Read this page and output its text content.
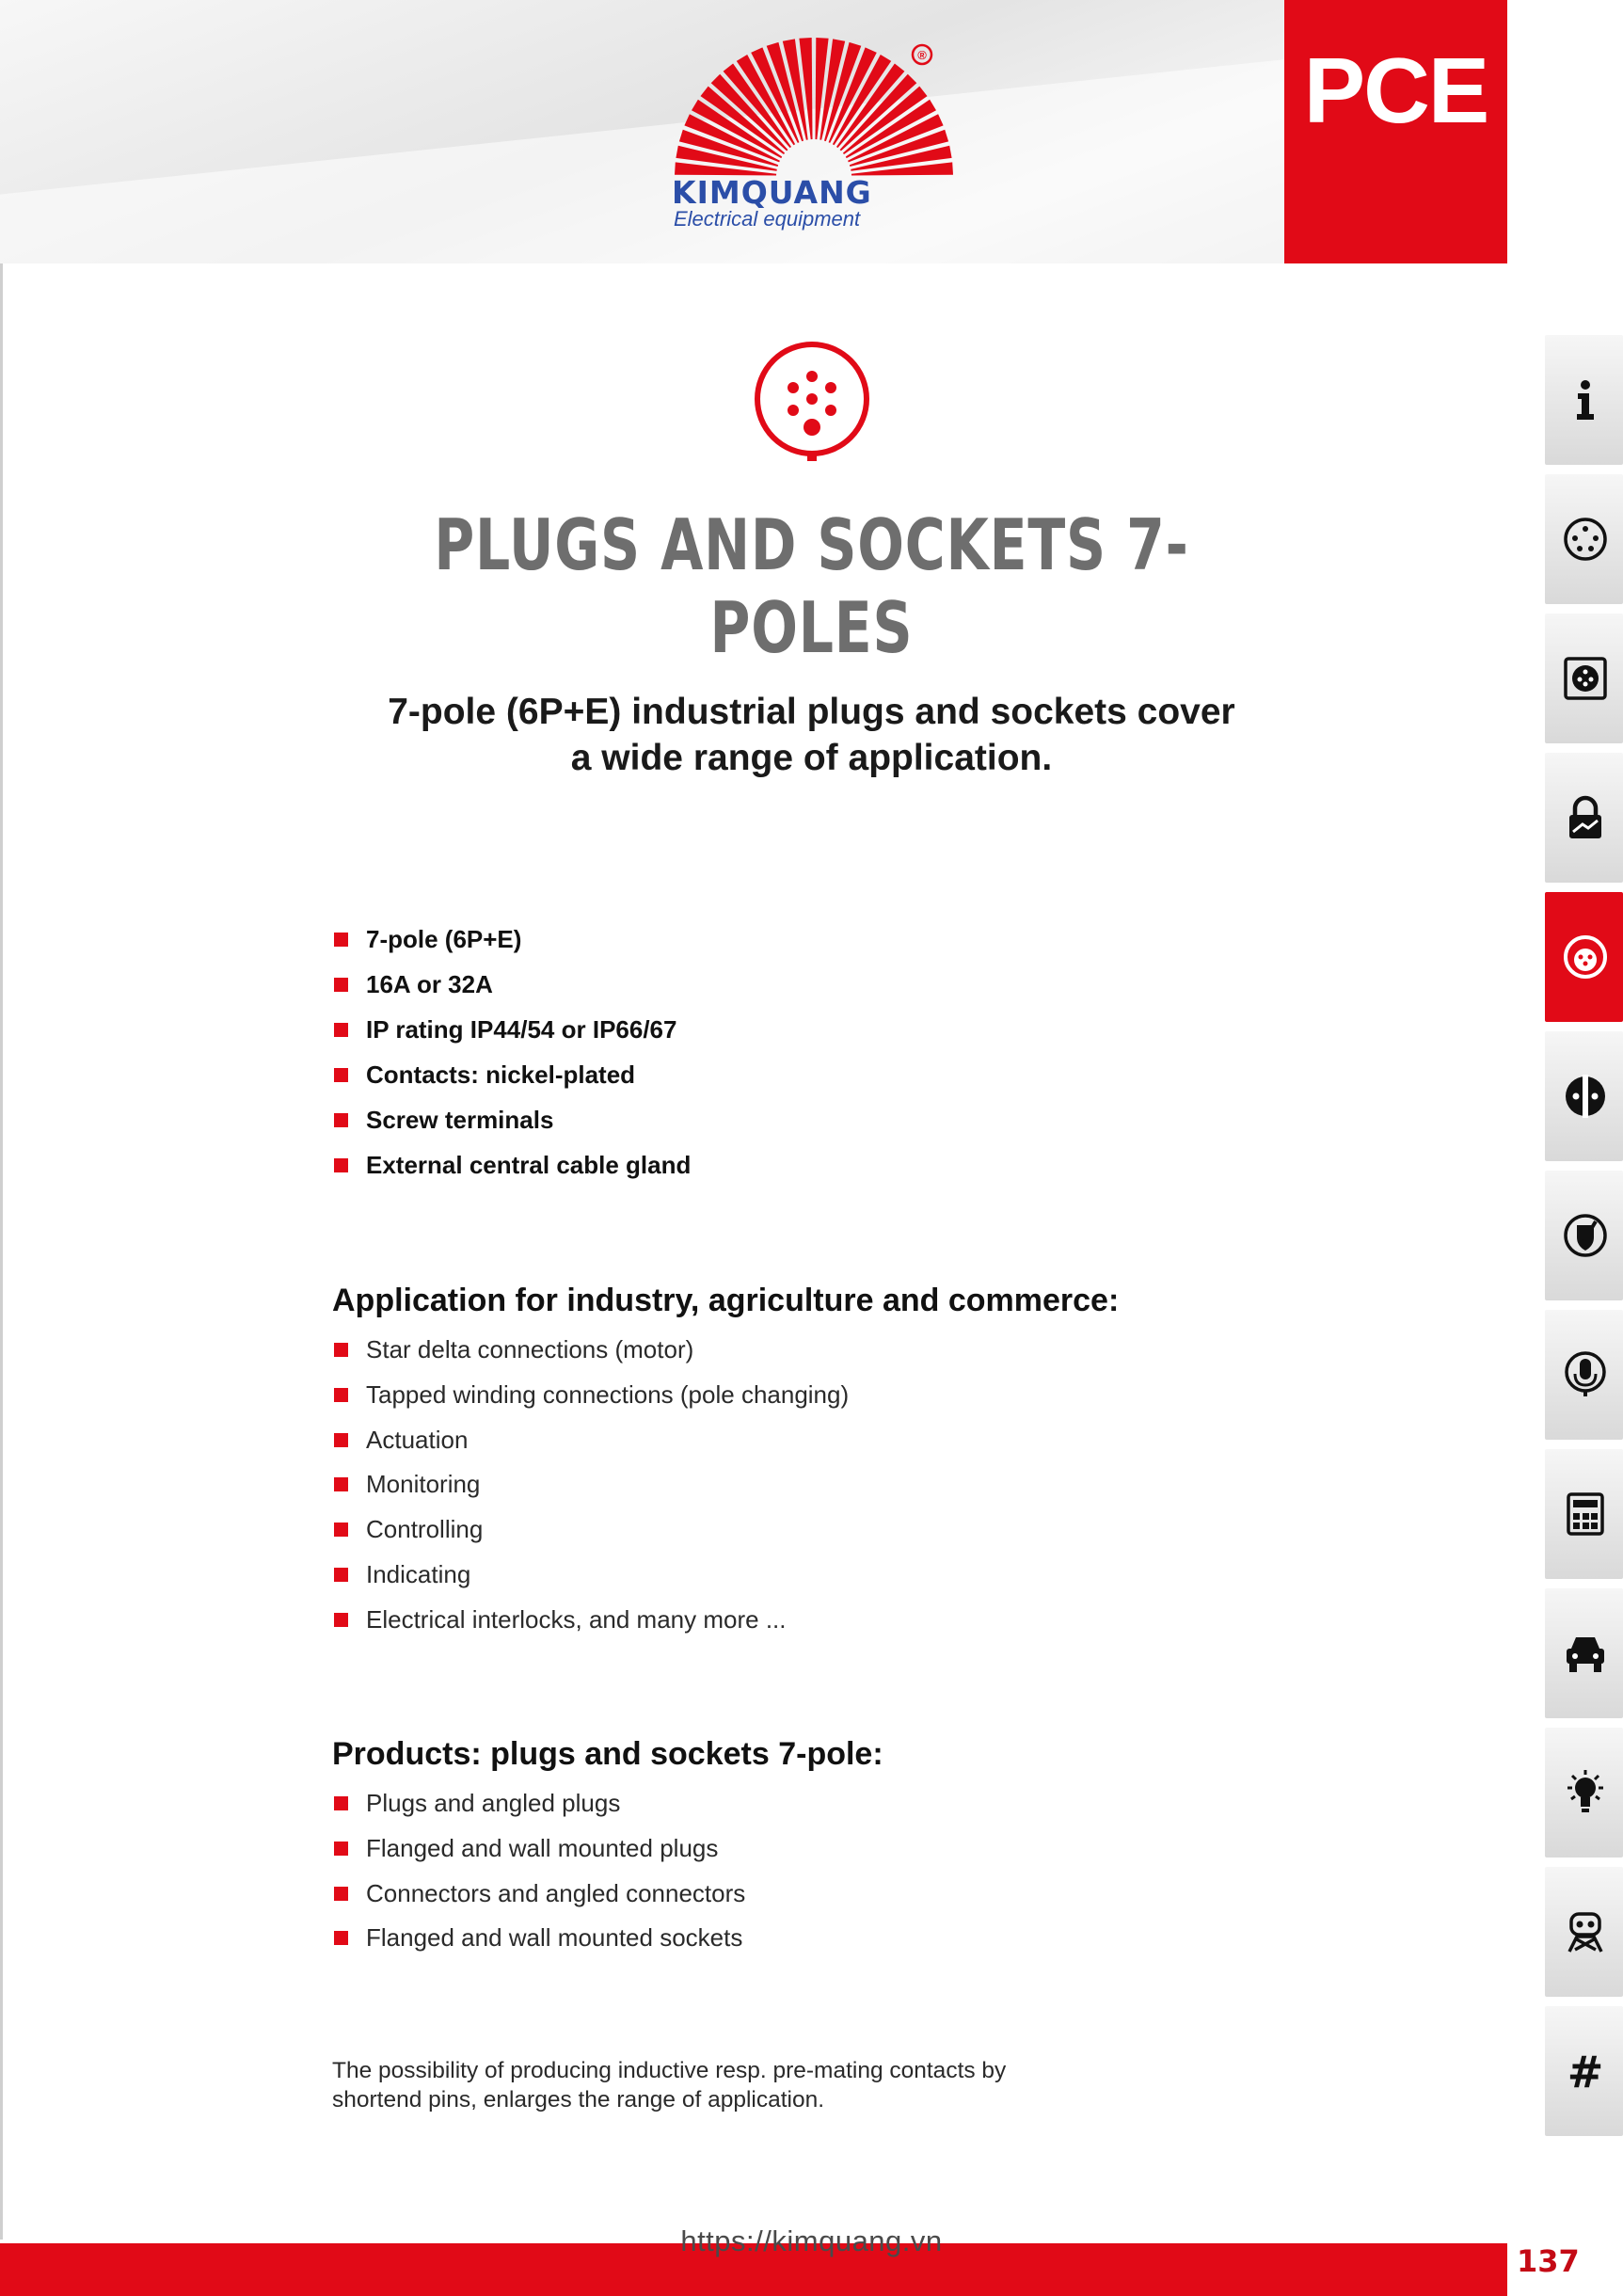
®
KIMQUANG
Electrical equipment
PCE
PLUGS AND SOCKETS 7-POLES
7-pole (6P+E) industrial plugs and sockets cover
a wide range of application.
7-pole (6P+E)
16A or 32A
IP rating IP44/54 or IP66/67
Contacts: nickel-plated
Screw terminals
External central cable gland
Application for industry, agriculture and commerce:
Star delta connections (motor)
Tapped winding connections (pole changing)
Actuation
Monitoring
Controlling
Indicating
Electrical interlocks, and many more ...
Products: plugs and sockets 7-pole:
Plugs and angled plugs
Flanged and wall mounted plugs
Connectors and angled connectors
Flanged and wall mounted sockets
The possibility of producing inductive resp. pre-mating contacts by
shortend pins, enlarges the range of application.
#
https://kimquang.vn
137
